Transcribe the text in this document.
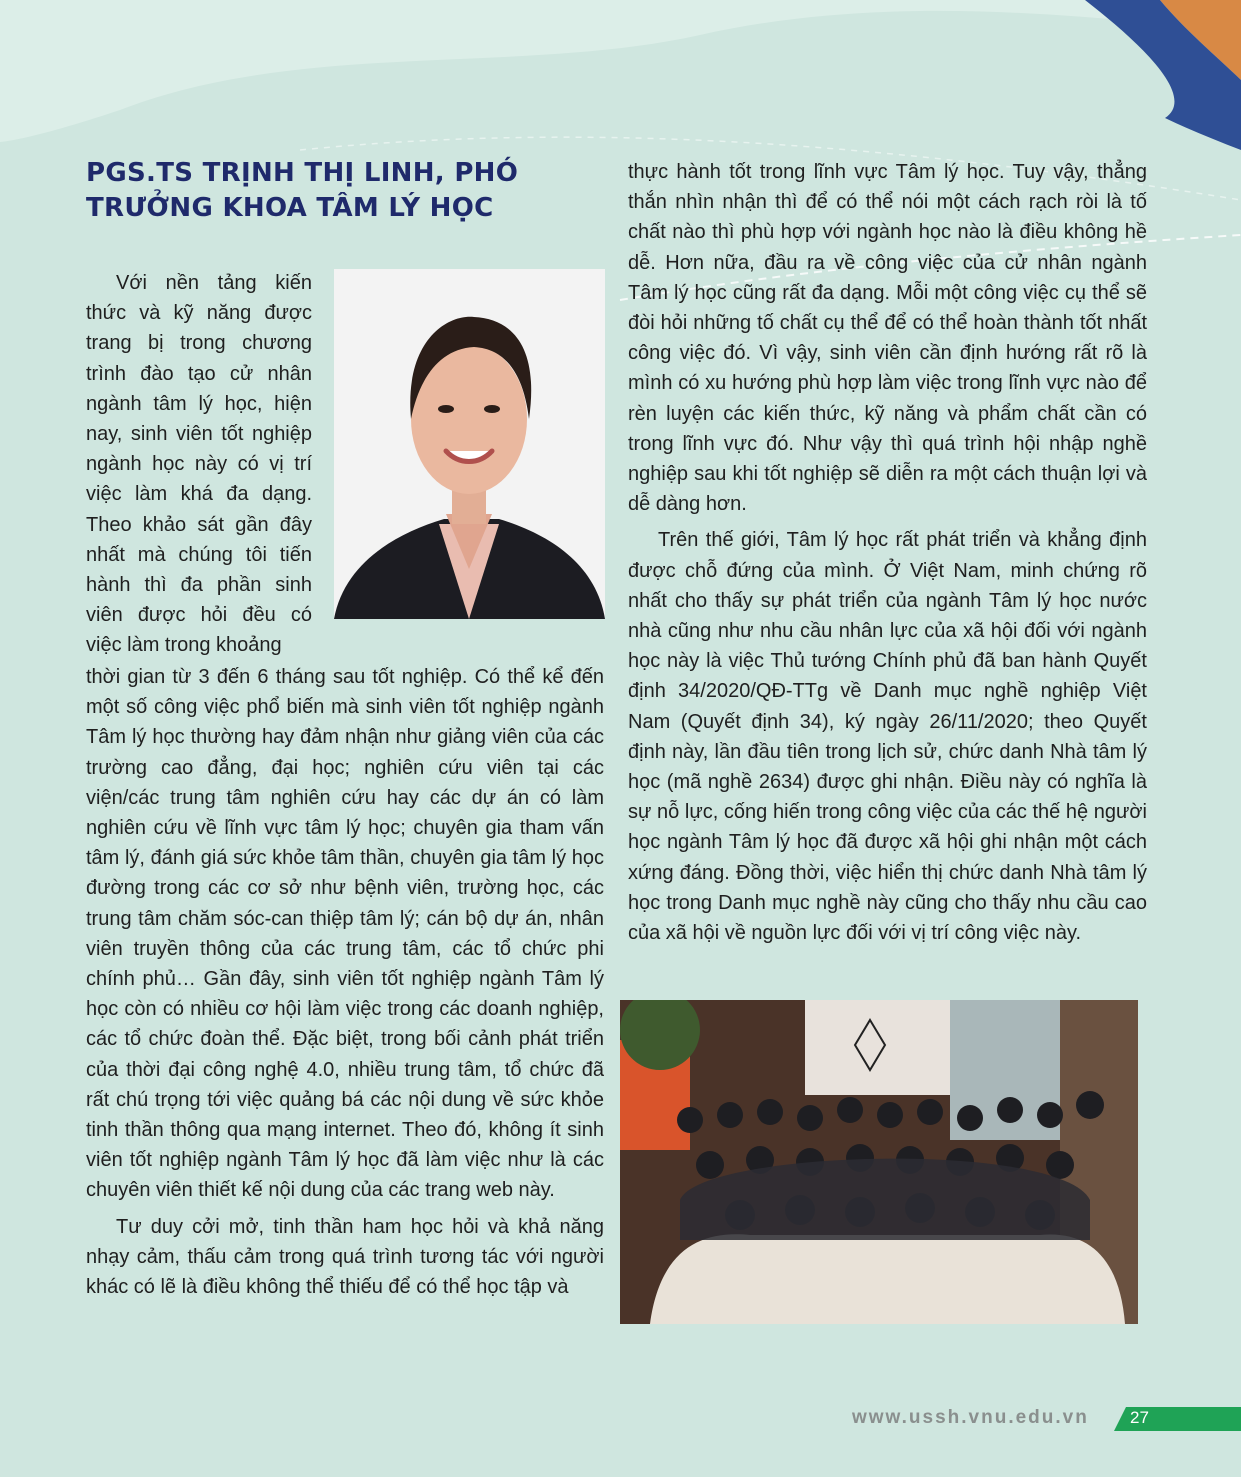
PGS.TS TRỊNH THỊ LINH, PHÓ TRƯỞNG KHOA TÂM LÝ HỌC

Với nền tảng kiến thức và kỹ năng được trang bị trong chương trình đào tạo cử nhân ngành tâm lý học, hiện nay, sinh viên tốt nghiệp ngành học này có vị trí việc làm khá đa dạng. Theo khảo sát gần đây nhất mà chúng tôi tiến hành thì đa phần sinh viên được hỏi đều có việc làm trong khoảng

thời gian từ 3 đến 6 tháng sau tốt nghiệp. Có thể kể đến một số công việc phổ biến mà sinh viên tốt nghiệp ngành Tâm lý học thường hay đảm nhận như giảng viên của các trường cao đẳng, đại học; nghiên cứu viên tại các viện/các trung tâm nghiên cứu hay các dự án có làm nghiên cứu về lĩnh vực tâm lý học; chuyên gia tham vấn tâm lý, đánh giá sức khỏe tâm thần, chuyên gia tâm lý học đường trong các cơ sở như bệnh viên, trường học, các trung tâm chăm sóc-can thiệp tâm lý; cán bộ dự án, nhân viên truyền thông của các trung tâm, các tổ chức phi chính phủ… Gần đây, sinh viên tốt nghiệp ngành Tâm lý học còn có nhiều cơ hội làm việc trong các doanh nghiệp, các tổ chức đoàn thể. Đặc biệt, trong bối cảnh phát triển của thời đại công nghệ 4.0, nhiều trung tâm, tổ chức đã rất chú trọng tới việc quảng bá các nội dung về sức khỏe tinh thần thông qua mạng internet. Theo đó, không ít sinh viên tốt nghiệp ngành Tâm lý học đã làm việc như là các chuyên viên thiết kế nội dung của các trang web này.

Tư duy cởi mở, tinh thần ham học hỏi và khả năng nhạy cảm, thấu cảm trong quá trình tương tác với người khác có lẽ là điều không thể thiếu để có thể học tập và

thực hành tốt trong lĩnh vực Tâm lý học. Tuy vậy, thẳng thắn nhìn nhận thì để có thể nói một cách rạch ròi là tố chất nào thì phù hợp với ngành học nào là điều không hề dễ. Hơn nữa, đầu ra về công việc của cử nhân ngành Tâm lý học cũng rất đa dạng. Mỗi một công việc cụ thể sẽ đòi hỏi những tố chất cụ thể để có thể hoàn thành tốt nhất công việc đó. Vì vậy, sinh viên cần định hướng rất rõ là mình có xu hướng phù hợp làm việc trong lĩnh vực nào để rèn luyện các kiến thức, kỹ năng và phẩm chất cần có trong lĩnh vực đó. Như vậy thì quá trình hội nhập nghề nghiệp sau khi tốt nghiệp sẽ diễn ra một cách thuận lợi và dễ dàng hơn.

Trên thế giới, Tâm lý học rất phát triển và khẳng định được chỗ đứng của mình. Ở Việt Nam, minh chứng rõ nhất cho thấy sự phát triển của ngành Tâm lý học nước nhà cũng như nhu cầu nhân lực của xã hội đối với ngành học này là việc Thủ tướng Chính phủ đã ban hành Quyết định 34/2020/QĐ-TTg về Danh mục nghề nghiệp Việt Nam (Quyết định 34), ký ngày 26/11/2020; theo Quyết định này, lần đầu tiên trong lịch sử, chức danh Nhà tâm lý học (mã nghề 2634) được ghi nhận. Điều này có nghĩa là sự nỗ lực, cống hiến trong công việc của các thế hệ người học ngành Tâm lý học đã được xã hội ghi nhận một cách xứng đáng. Đồng thời, việc hiển thị chức danh Nhà tâm lý học trong Danh mục nghề này cũng cho thấy nhu cầu cao của xã hội về nguồn lực đối với vị trí công việc này.

www.ussh.vnu.edu.vn 27
